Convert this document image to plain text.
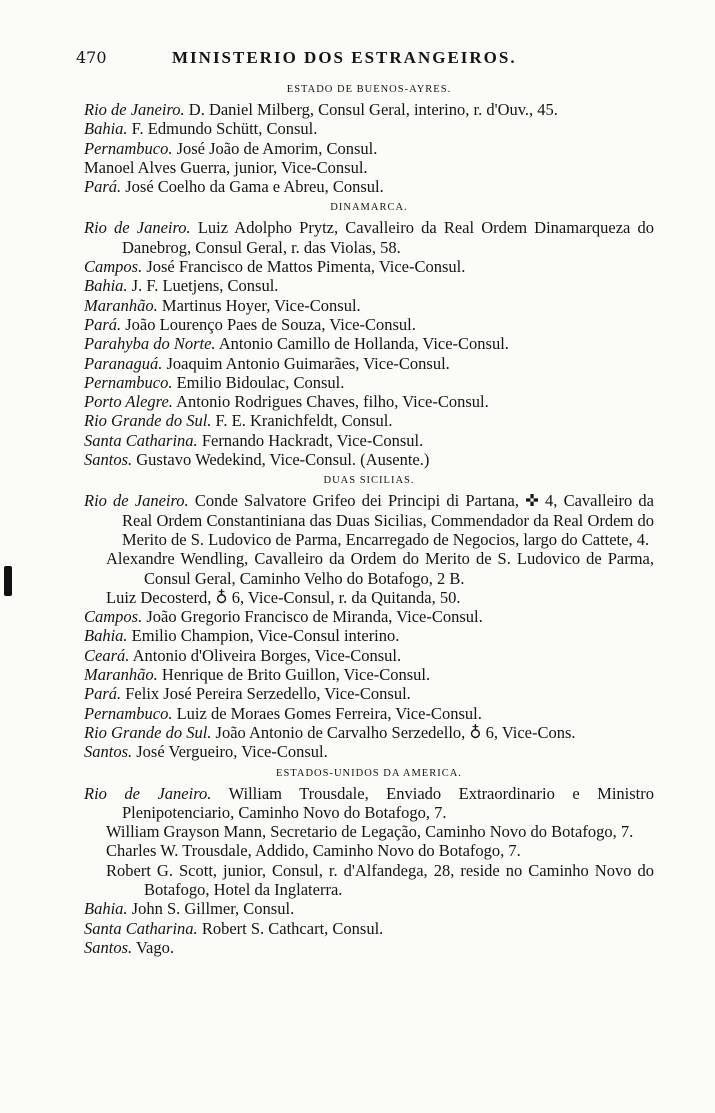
470	MINISTERIO DOS ESTRANGEIROS.
ESTADO DE BUENOS-AYRES.
Rio de Janeiro. D. Daniel Milberg, Consul Geral, interino, r. d'Ouv., 45.
Bahia. F. Edmundo Schütt, Consul.
Pernambuco. José João de Amorim, Consul.
Manoel Alves Guerra, junior, Vice-Consul.
Pará. José Coelho da Gama e Abreu, Consul.
DINAMARCA.
Rio de Janeiro. Luiz Adolpho Prytz, Cavalleiro da Real Ordem Dinamarqueza do Danebrog, Consul Geral, r. das Violas, 58.
Campos. José Francisco de Mattos Pimenta, Vice-Consul.
Bahia. J. F. Luetjens, Consul.
Maranhão. Martinus Hoyer, Vice-Consul.
Pará. João Lourenço Paes de Souza, Vice-Consul.
Parahyba do Norte. Antonio Camillo de Hollanda, Vice-Consul.
Paranaguá. Joaquim Antonio Guimarães, Vice-Consul.
Pernambuco. Emilio Bidoulac, Consul.
Porto Alegre. Antonio Rodrigues Chaves, filho, Vice-Consul.
Rio Grande do Sul. F. E. Kranichfeldt, Consul.
Santa Catharina. Fernando Hackradt, Vice-Consul.
Santos. Gustavo Wedekind, Vice-Consul. (Ausente.)
DUAS SICILIAS.
Rio de Janeiro. Conde Salvatore Grifeo dei Principi di Partana, ✜ 4, Cavalleiro da Real Ordem Constantiniana das Duas Sicilias, Commendador da Real Ordem do Merito de S. Ludovico de Parma, Encarregado de Negocios, largo do Cattete, 4.
Alexandre Wendling, Cavalleiro da Ordem do Merito de S. Ludovico de Parma, Consul Geral, Caminho Velho do Botafogo, 2 B.
Luiz Decosterd, ♁ 6, Vice-Consul, r. da Quitanda, 50.
Campos. João Gregorio Francisco de Miranda, Vice-Consul.
Bahia. Emilio Champion, Vice-Consul interino.
Ceará. Antonio d'Oliveira Borges, Vice-Consul.
Maranhão. Henrique de Brito Guillon, Vice-Consul.
Pará. Felix José Pereira Serzedello, Vice-Consul.
Pernambuco. Luiz de Moraes Gomes Ferreira, Vice-Consul.
Rio Grande do Sul. João Antonio de Carvalho Serzedello, ♁ 6, Vice-Cons.
Santos. José Vergueiro, Vice-Consul.
ESTADOS-UNIDOS DA AMERICA.
Rio de Janeiro. William Trousdale, Enviado Extraordinario e Ministro Plenipotenciario, Caminho Novo do Botafogo, 7.
William Grayson Mann, Secretario de Legação, Caminho Novo do Botafogo, 7.
Charles W. Trousdale, Addido, Caminho Novo do Botafogo, 7.
Robert G. Scott, junior, Consul, r. d'Alfandega, 28, reside no Caminho Novo do Botafogo, Hotel da Inglaterra.
Bahia. John S. Gillmer, Consul.
Santa Catharina. Robert S. Cathcart, Consul.
Santos. Vago.
